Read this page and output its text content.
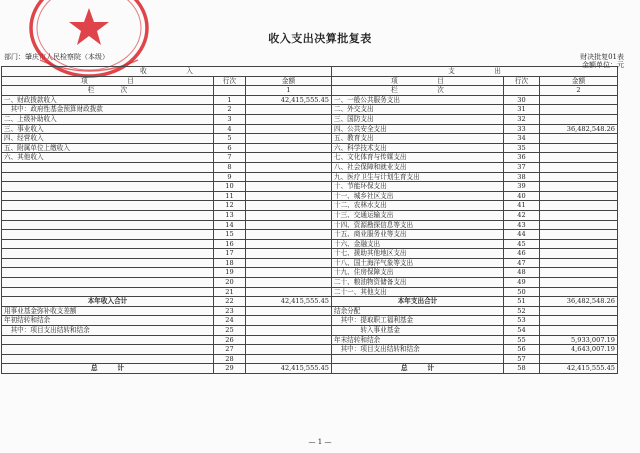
收入支出决算批复表
部门：肇庆市人民检察院（本级）	财决批复01表
金额单位：元
收　　　　　　入			支　　　　　　出		
项　　　　　　目	行次	金额	项　　　　　　目	行次	金额
栏　　　　次		1	栏　　　　　　次		2
一、财政拨款收入	1	42,415,555.45	一、一般公共服务支出	30	
　其中：政府性基金预算财政拨款	2		二、外交支出	31	
二、上级补助收入	3		三、国防支出	32	
三、事业收入	4		四、公共安全支出	33	36,482,548.26
四、经营收入	5		五、教育支出	34	
五、附属单位上缴收入	6		六、科学技术支出	35	
六、其他收入	7		七、文化体育与传媒支出	36	
	8		八、社会保障和就业支出	37	
	9		九、医疗卫生与计划生育支出	38	
	10		十、节能环保支出	39	
	11		十一、城乡社区支出	40	
	12		十二、农林水支出	41	
	13		十三、交通运输支出	42	
	14		十四、资源勘探信息等支出	43	
	15		十五、商业服务业等支出	44	
	16		十六、金融支出	45	
	17		十七、援助其他地区支出	46	
	18		十八、国土海洋气象等支出	47	
	19		十九、住房保障支出	48	
	20		二十、粮油物资储备支出	49	
	21		二十一、其他支出	50	
本年收入合计	22	42,415,555.45	本年支出合计	51	36,482,548.26
用事业基金弥补收支差额	23		结余分配	52	
年初结转和结余	24		　其中：提取职工福利基金	53	
　其中：项目支出结转和结余	25		　　　　转入事业基金	54	
	26		年末结转和结余	55	5,933,007.19
	27		　其中：项目支出结转和结余	56	4,643,007.19
	28			57	
总　　　计	29	42,415,555.45	总　　　计	58	42,415,555.45
— 1 —
